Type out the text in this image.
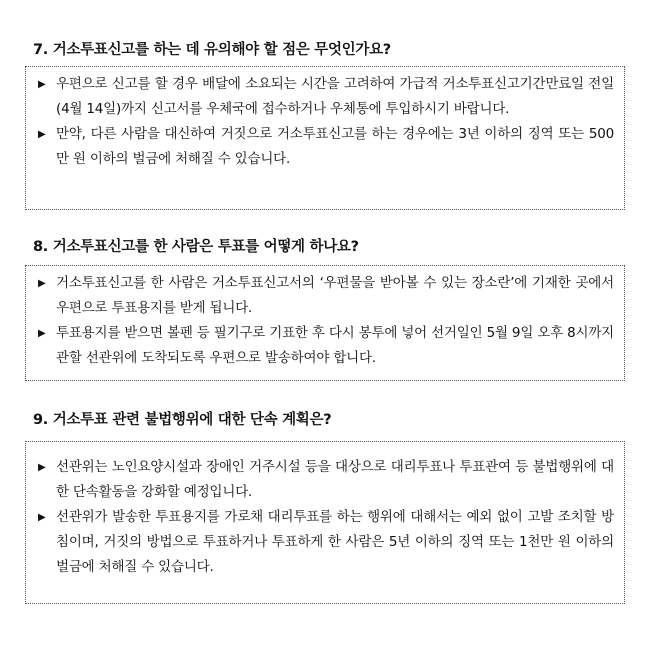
7. 거소투표신고를 하는 데 유의해야 할 점은 무엇인가요?
▶ 우편으로 신고를 할 경우 배달에 소요되는 시간을 고려하여 가급적 거소투표신고기간만료일 전일(4월 14일)까지 신고서를 우체국에 접수하거나 우체통에 투입하시기 바랍니다.
▶ 만약, 다른 사람을 대신하여 거짓으로 거소투표신고를 하는 경우에는 3년 이하의 징역 또는 500만 원 이하의 벌금에 처해질 수 있습니다.
8. 거소투표신고를 한 사람은 투표를 어떻게 하나요?
▶ 거소투표신고를 한 사람은 거소투표신고서의 ‘우편물을 받아볼 수 있는 장소란’에 기재한 곳에서 우편으로 투표용지를 받게 됩니다.
▶ 투표용지를 받으면 볼펜 등 필기구로 기표한 후 다시 봉투에 넣어 선거일인 5월 9일 오후 8시까지 관할 선관위에 도착되도록 우편으로 발송하여야 합니다.
9. 거소투표 관련 불법행위에 대한 단속 계획은?
▶ 선관위는 노인요양시설과 장애인 거주시설 등을 대상으로 대리투표나 투표관여 등 불법행위에 대한 단속활동을 강화할 예정입니다.
▶ 선관위가 발송한 투표용지를 가로채 대리투표를 하는 행위에 대해서는 예외 없이 고발 조치할 방침이며, 거짓의 방법으로 투표하거나 투표하게 한 사람은 5년 이하의 징역 또는 1천만 원 이하의 벌금에 처해질 수 있습니다.
